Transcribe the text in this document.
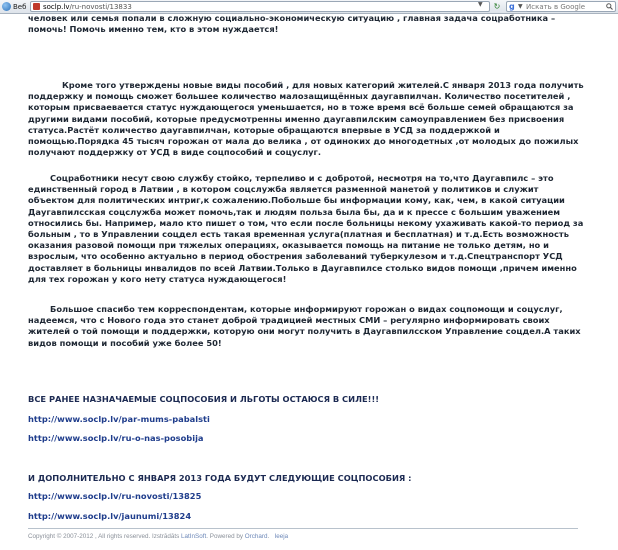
Веб soclp.lv/ru-novosti/13833	▼ ↻ g ▼ Искать в Google

человек или семья попали в сложную социально-экономическую ситуацию , главная задача соцработника – помочь! Помочь именно тем, кто в этом нуждается!

Кроме того утверждены новые виды пособий , для новых категорий жителей.С января 2013 года получить поддержку и помощь сможет большее количество малозащищённых даугавпилчан. Количество посетителей , которым присваевается статус нуждающегося уменьшается, но в тоже время всё больше семей обращаются за другими видами пособий, которые предусмотренны именно даугавпилским самоуправлением без присвоения статуса.Растёт количество даугавпилчан, которые обращаются впервые в УСД за поддержкой и помощью.Порядка 45 тысяч горожан от мала до велика , от одиноких до многодетных ,от молодых до пожилых получают поддержку от УСД в виде соцпособий и соцуслуг.

Соцработники несут свою службу стойко, терпеливо и с добротой, несмотря на то,что Даугавпилс – это единственный город в Латвии , в котором соцслужба является разменной манетой у политиков и служит объектом для политических интриг,к сожалению.Побольше бы информации кому, как, чем, в какой ситуации Даугавпилсская соцслужба может помочь,так и людям польза была бы, да и к прессе с большим уважением относились бы. Например, мало кто пишет о том, что если после больницы некому ухаживать какой-то период за больным , то в Управлении соцдел есть такая временная услуга(платная и бесплатная) и т.д.Есть возможность оказания разовой помощи при тяжелых операциях, оказывается помощь на питание не только детям, но и взрослым, что особенно актуально в период обострения заболеваний туберкулезом и т.д.Спецтранспорт УСД доставляет в больницы инвалидов по всей Латвии.Только в Даугавпилсе столько видов помощи ,причем именно для тех горожан у кого нету статуса нуждающегося!

Большое спасибо тем корреспондентам, которые информируют горожан о видах соцпомощи и соцуслуг, надеемся, что с Нового года это станет доброй традицией местных СМИ – регулярно информировать своих жителей о той помощи и поддержки, которую они могут получить в Даугавпилсском Управление соцдел.А таких видов помощи и пособий уже более 50!

ВСЕ РАНЕЕ НАЗНАЧАЕМЫЕ СОЦПОСОБИЯ И ЛЬГОТЫ ОСТАЮСЯ В СИЛЕ!!!

http://www.soclp.lv/par-mums-pabalsti
http://www.soclp.lv/ru-o-nas-posobija

И ДОПОЛНИТЕЛЬНО С ЯНВАРЯ 2013 ГОДА БУДУТ СЛЕДУЮЩИЕ СОЦПОСОБИЯ :

http://www.soclp.lv/ru-novosti/13825
http://www.soclp.lv/jaunumi/13824
Copyright © 2007-2012 , All rights reserved. Izstrādāts LatInSoft. Powered by Orchard.   Ieeja
